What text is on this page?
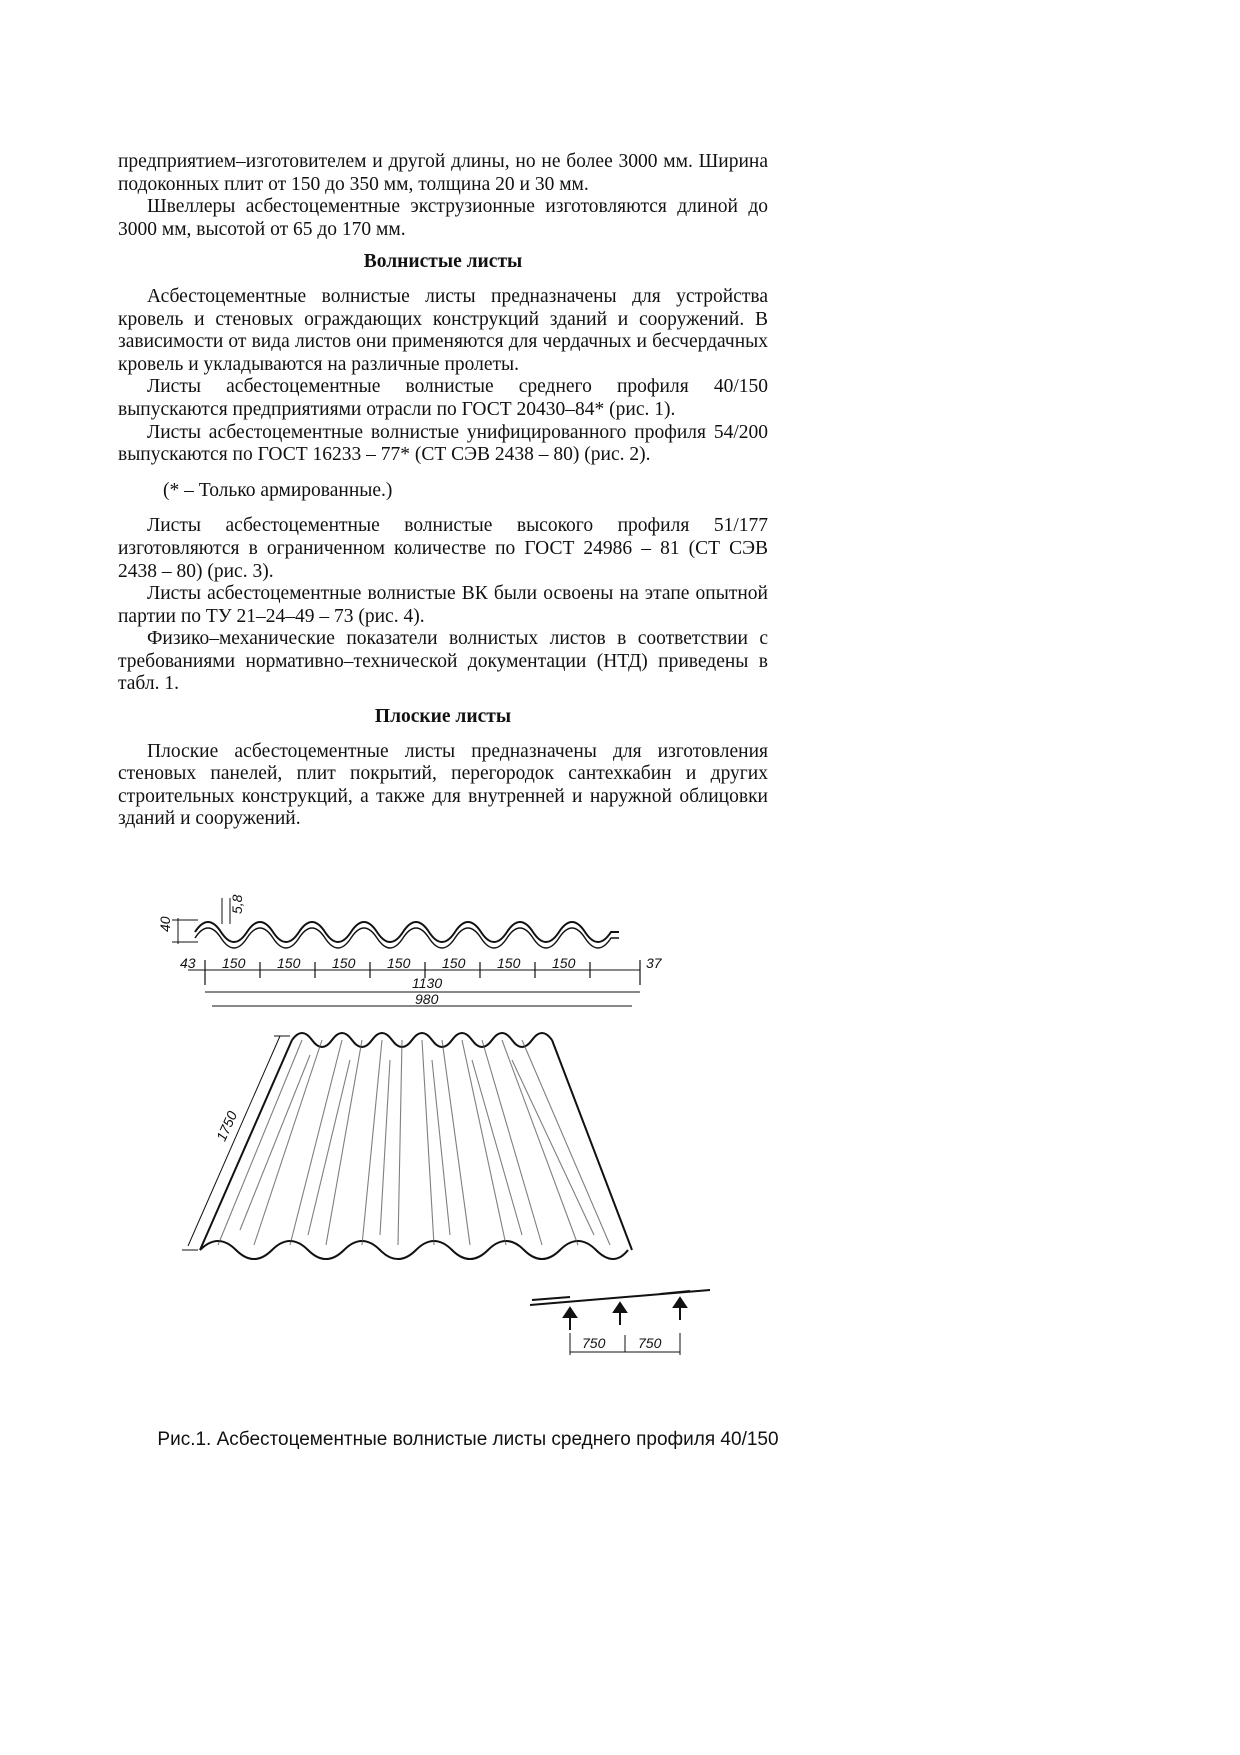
предприятием–изготовителем и другой длины, но не более 3000 мм. Ширина подоконных плит от 150 до 350 мм, толщина 20 и 30 мм.

Швеллеры асбестоцементные экструзионные изготовляются длиной до 3000 мм, высотой от 65 до 170 мм.

Волнистые листы

Асбестоцементные волнистые листы предназначены для устройства кровель и стеновых ограждающих конструкций зданий и сооружений. В зависимости от вида листов они применяются для чердачных и бесчердачных кровель и укладываются на различные пролеты.

Листы асбестоцементные волнистые среднего профиля 40/150 выпускаются предприятиями отрасли по ГОСТ 20430–84* (рис. 1).

Листы асбестоцементные волнистые унифицированного профиля 54/200 выпускаются по ГОСТ 16233 – 77* (СТ СЭВ 2438 – 80) (рис. 2).

(* – Только армированные.)

Листы асбестоцементные волнистые высокого профиля 51/177 изготовляются в ограниченном количестве по ГОСТ 24986 – 81 (СТ СЭВ 2438 – 80) (рис. 3).

Листы асбестоцементные волнистые ВК были освоены на этапе опытной партии по ТУ 21–24–49 – 73 (рис. 4).

Физико–механические показатели волнистых листов в соответствии с требованиями нормативно–технической документации (НТД) приведены в табл. 1.

Плоские листы

Плоские асбестоцементные листы предназначены для изготовления стеновых панелей, плит покрытий, перегородок сантехкабин и других строительных конструкций, а также для внутренней и наружной облицовки зданий и сооружений.

40
5,8
43 150 150 150 150 150 150 150	37
1130
980
1750
750 750
Рис.1. Асбестоцементные волнистые листы среднего профиля 40/150
